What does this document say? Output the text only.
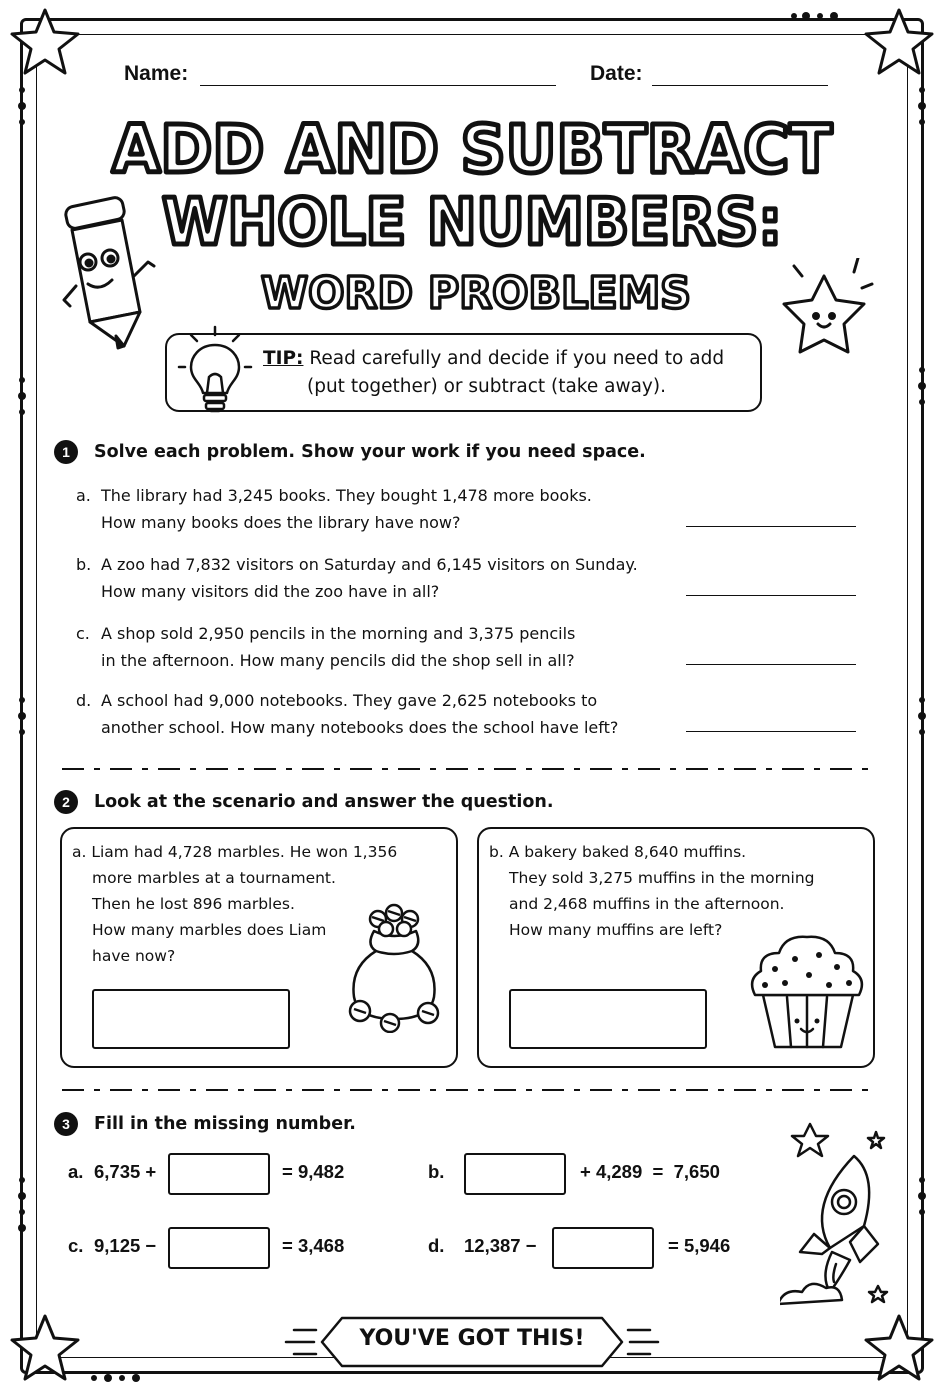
Name:	Date:
ADD AND SUBTRACT
WHOLE NUMBERS:
WORD PROBLEMS
TIP: Read carefully and decide if you need to add
(put together) or subtract (take away).
1	Solve each problem. Show your work if you need space.
a. The library had 3,245 books. They bought 1,478 more books.
How many books does the library have now?
b. A zoo had 7,832 visitors on Saturday and 6,145 visitors on Sunday.
How many visitors did the zoo have in all?
c. A shop sold 2,950 pencils in the morning and 3,375 pencils
in the afternoon. How many pencils did the shop sell in all?
d. A school had 9,000 notebooks. They gave 2,625 notebooks to
another school. How many notebooks does the school have left?
2	Look at the scenario and answer the question.
a. Liam had 4,728 marbles. He won 1,356
more marbles at a tournament.
Then he lost 896 marbles.
How many marbles does Liam
have now?
b. A bakery baked 8,640 muffins.
They sold 3,275 muffins in the morning
and 2,468 muffins in the afternoon.
How many muffins are left?
3	Fill in the missing number.
a. 6,735 +	= 9,482	b.	+ 4,289  =  7,650
c. 9,125 −	= 3,468	d. 12,387 −	= 5,946
YOU'VE GOT THIS!
